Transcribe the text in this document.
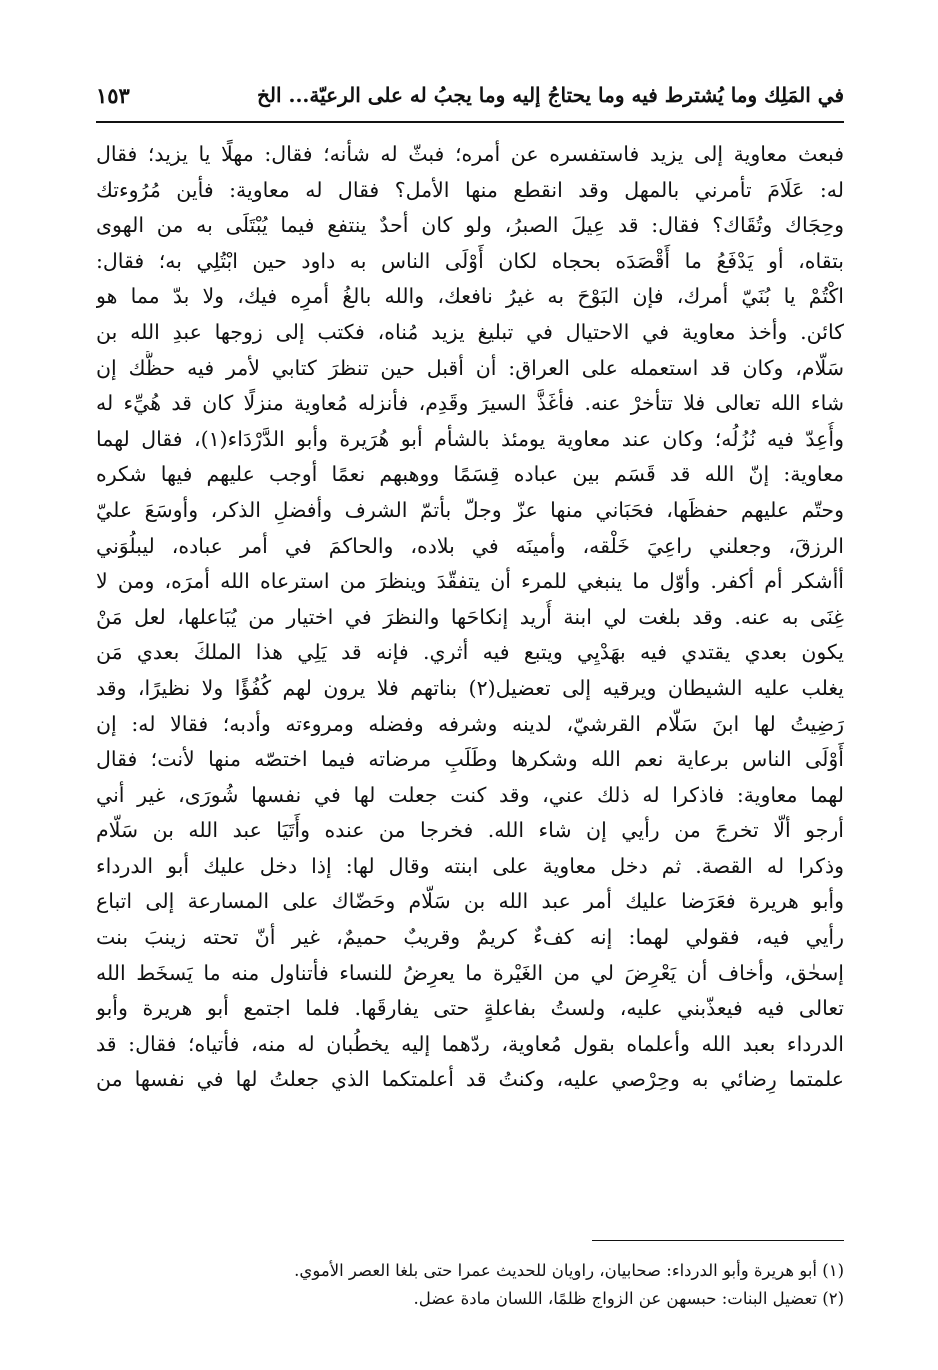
في المَلِك وما يُشترط فيه وما يحتاجُ إليه وما يجبُ له على الرعيّة... الخ
١٥٣
فبعث معاوية إلى يزيد فاستفسره عن أمره؛ فبثّ له شأنه؛ فقال: مهلًا يا يزيد؛ فقال
له: عَلَامَ تأمرني بالمهل وقد انقطع منها الأمل؟ فقال له معاوية: فأين مُرُوءتك
وحِجَاك وتُقَاك؟ فقال: قد عِيلَ الصبرُ، ولو كان أحدٌ ينتفع فيما يُبْتَلَى به من الهوى
بتقاه، أو يَدْفَعُ ما أَقْصَدَه بحجاه لكان أَوْلَى الناس به داود حين ابْتُلِي به؛ فقال:
اكْتُمْ يا بُنَيّ أمرك، فإن البَوْحَ به غيرُ نافعك، والله بالغُ أمرِه فيك، ولا بدّ مما هو
كائن. وأخذ معاوية في الاحتيال في تبليغ يزيد مُناه، فكتب إلى زوجها عبدِ الله بن
سَلّام، وكان قد استعمله على العراق: أن أقبل حين تنظرَ كتابي لأمر فيه حظُّك إن
شاء الله تعالى فلا تتأخرْ عنه. فأغَذَّ السيرَ وقَدِم، فأنزله مُعاوية منزلًا كان قد هُيِّء له
وأُعِدّ فيه نُزُلُه؛ وكان عند معاوية يومئذ بالشأم أبو هُرَيرة وأبو الدَّرْدَاء(١)، فقال لهما
معاوية: إنّ الله قد قَسَم بين عباده قِسَمًا ووهبهم نعمًا أوجب عليهم فيها شكره
وحتّم عليهم حفظَها، فحَبَاني منها عزّ وجلّ بأتمّ الشرف وأفضلِ الذكر، وأوسَعَ عليّ
الرزقَ، وجعلني راعِيَ خَلْقه، وأمينَه في بلاده، والحاكمَ في أمر عباده، ليبلُوَني
أأشكر أم أكفر. وأوّل ما ينبغي للمرء أن يتفقّدَ وينظرَ من استرعاه الله أمرَه، ومن لا
غِنَى به عنه. وقد بلغت لي ابنة أُريد إنكاحَها والنظرَ في اختيار من يُبَاعلها، لعل مَنْ
يكون بعدي يقتدي فيه بهَدْيِي ويتبع فيه أثري. فإنه قد يَلِي هذا الملكَ بعدي مَن
يغلب عليه الشيطان ويرقيه إلى تعضيل(٢) بناتهم فلا يرون لهم كُفُؤًا ولا نظيرًا، وقد
رَضِيتُ لها ابنَ سَلّام القرشيّ، لدينه وشرفه وفضله ومروءته وأدبه؛ فقالا له: إن
أَوْلَى الناس برعاية نعم الله وشكرها وطَلَبِ مرضاته فيما اختصّه منها لأنت؛ فقال
لهما معاوية: فاذكرا له ذلك عني، وقد كنت جعلت لها في نفسها شُورَى، غير أني
أرجو ألّا تخرجَ من رأيي إن شاء الله. فخرجا من عنده وأَتَيَا عبد الله بن سَلّام
وذكرا له القصة. ثم دخل معاوية على ابنته وقال لها: إذا دخل عليك أبو الدرداء
وأبو هريرة فعَرَضا عليك أمر عبد الله بن سَلّام وحَضّاك على المسارعة إلى اتباع
رأيي فيه، فقولي لهما: إنه كفءٌ كريمٌ وقريبٌ حميمٌ، غير أنّ تحته زينبَ بنت
إسحٰق، وأخاف أن يَعْرِضَ لي من الغَيْرة ما يعرِضُ للنساء فأتناول منه ما يَسخَط الله
تعالى فيه فيعذّبني عليه، ولستُ بفاعلةٍ حتى يفارقَها. فلما اجتمع أبو هريرة وأبو
الدرداء بعبد الله وأعلماه بقول مُعاوية، ردّهما إليه يخطُبان له منه، فأتياه؛ فقال: قد
علمتما رِضائي به وحِرْصي عليه، وكنتُ قد أعلمتكما الذي جعلتُ لها في نفسها من
(١) أبو هريرة وأبو الدرداء: صحابيان، راويان للحديث عمرا حتى بلغا العصر الأموي.
(٢) تعضيل البنات: حبسهن عن الزواج ظلمًا، اللسان مادة عضل.
